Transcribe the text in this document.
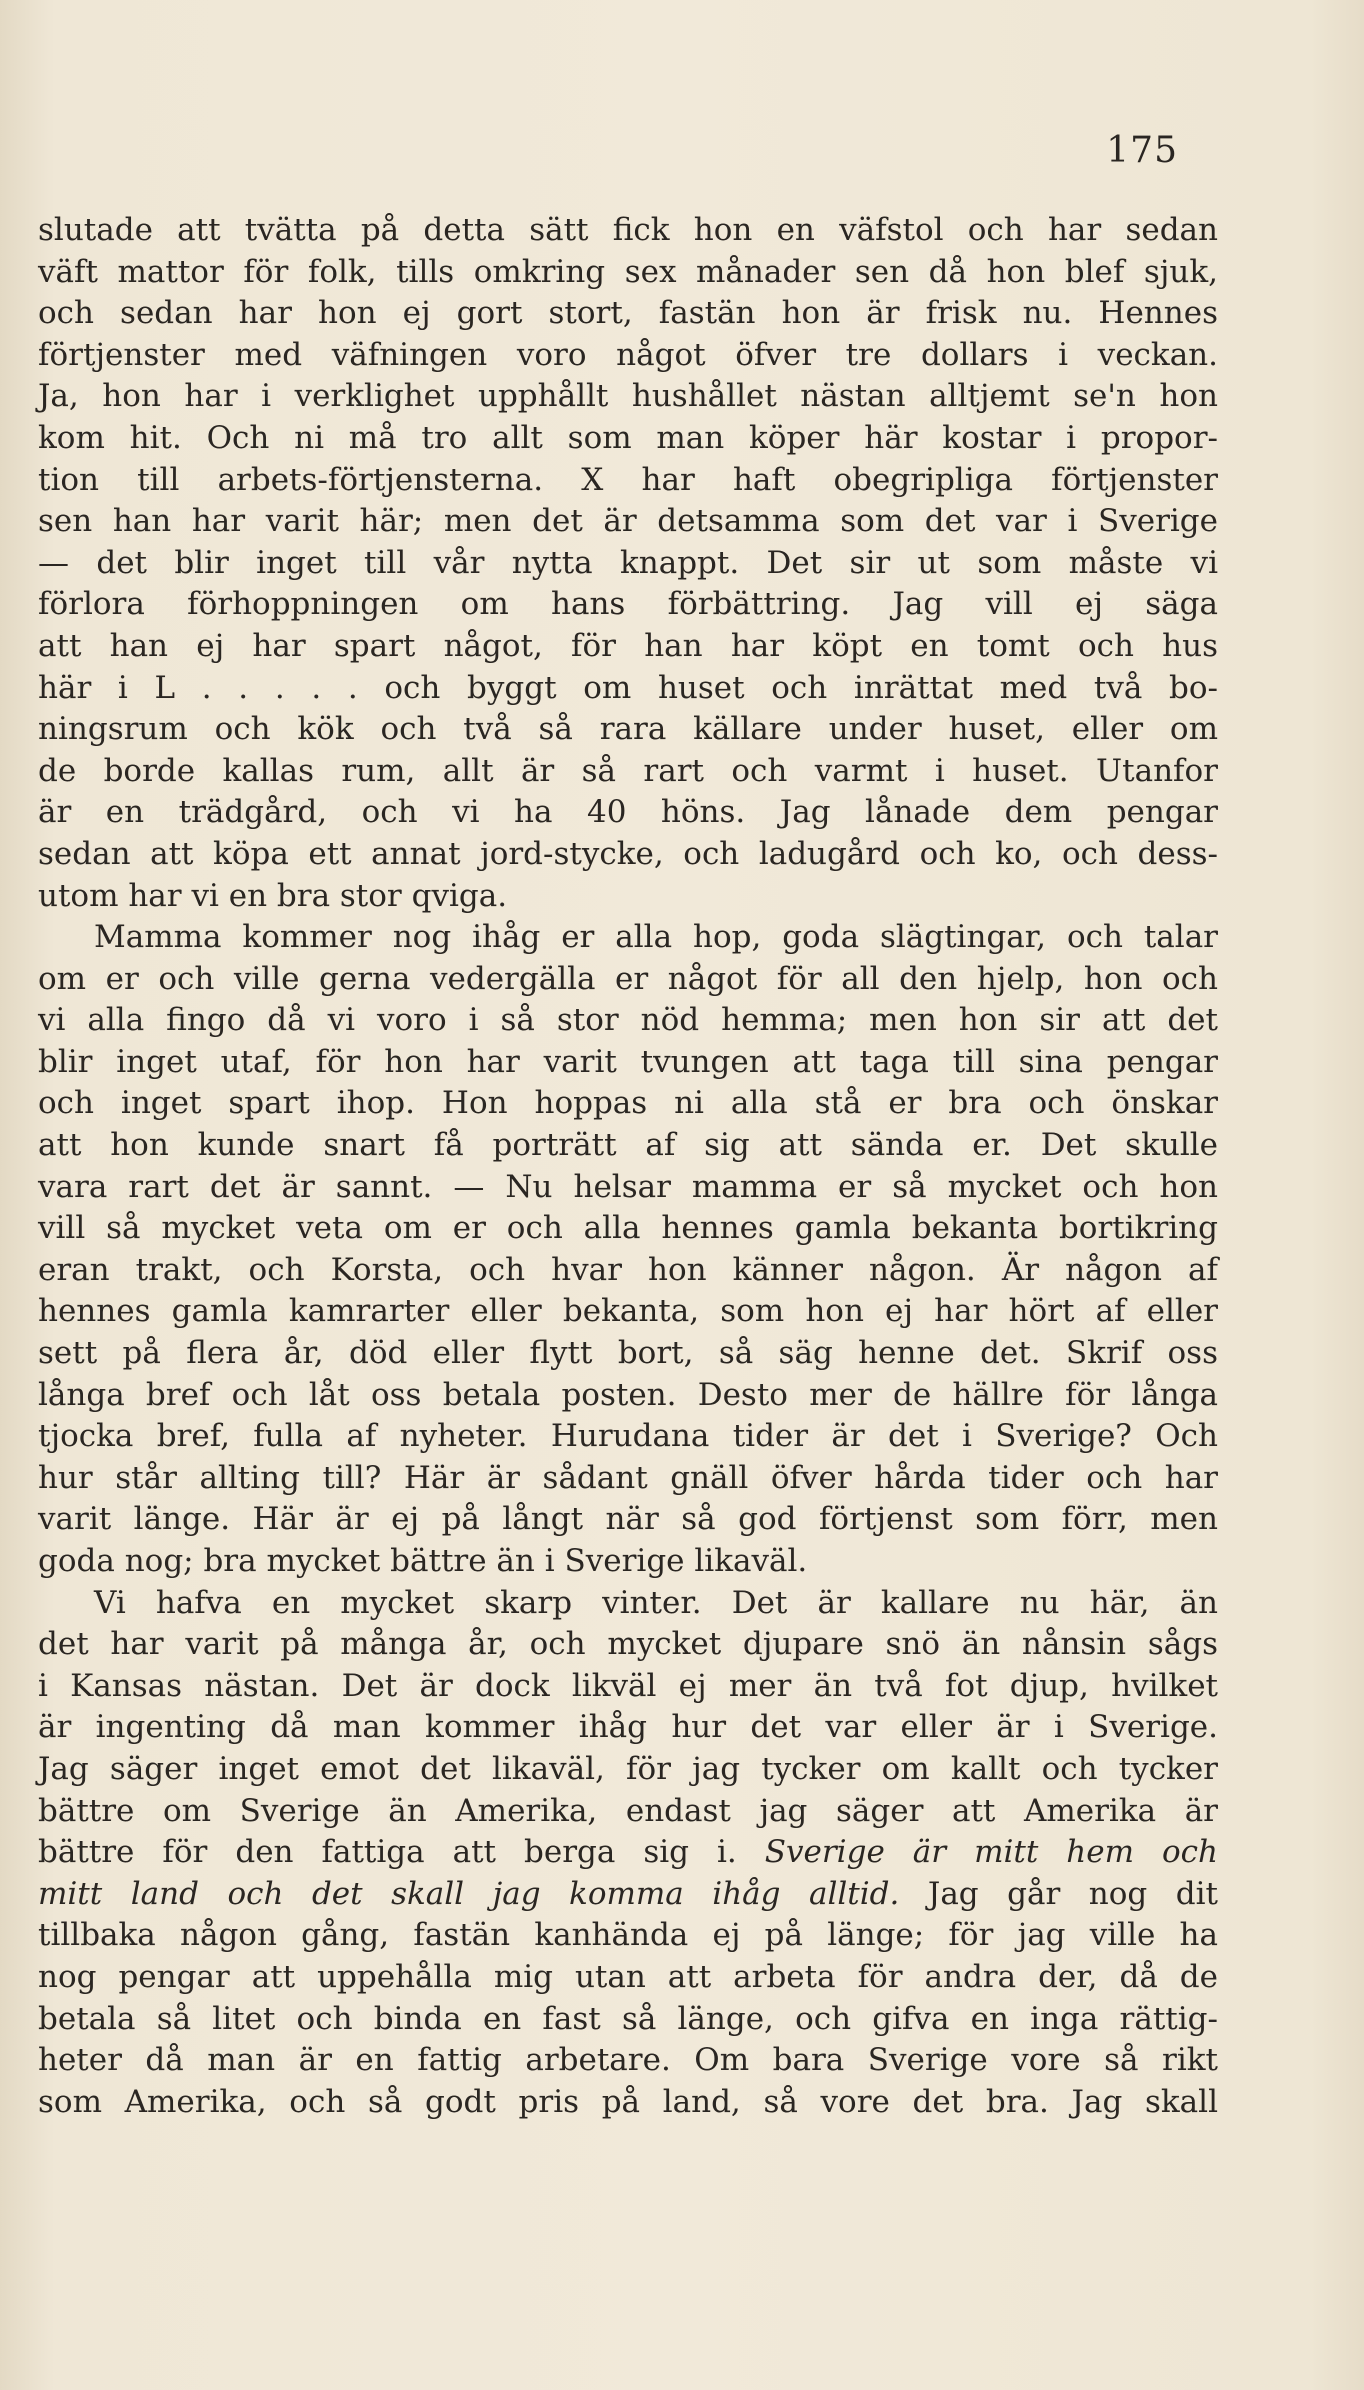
175

slutade att tvätta på detta sätt fick hon en väfstol och har sedan
väft mattor för folk, tills omkring sex månader sen då hon blef sjuk,
och sedan har hon ej gort stort, fastän hon är frisk nu. Hennes
förtjenster med väfningen voro något öfver tre dollars i veckan.
Ja, hon har i verklighet upphållt hushållet nästan alltjemt se'n hon
kom hit. Och ni må tro allt som man köper här kostar i propor-
tion till arbets-förtjensterna. X har haft obegripliga förtjenster
sen han har varit här; men det är detsamma som det var i Sverige
— det blir inget till vår nytta knappt. Det sir ut som måste vi
förlora förhoppningen om hans förbättring. Jag vill ej säga
att han ej har spart något, för han har köpt en tomt och hus
här i L . . . . . och byggt om huset och inrättat med två bo-
ningsrum och kök och två så rara källare under huset, eller om
de borde kallas rum, allt är så rart och varmt i huset. Utanfor
är en trädgård, och vi ha 40 höns. Jag lånade dem pengar
sedan att köpa ett annat jord-stycke, och ladugård och ko, och dess-
utom har vi en bra stor qviga.
Mamma kommer nog ihåg er alla hop, goda slägtingar, och talar
om er och ville gerna vedergälla er något för all den hjelp, hon och
vi alla fingo då vi voro i så stor nöd hemma; men hon sir att det
blir inget utaf, för hon har varit tvungen att taga till sina pengar
och inget spart ihop. Hon hoppas ni alla stå er bra och önskar
att hon kunde snart få porträtt af sig att sända er. Det skulle
vara rart det är sannt. — Nu helsar mamma er så mycket och hon
vill så mycket veta om er och alla hennes gamla bekanta bortikring
eran trakt, och Korsta, och hvar hon känner någon. Är någon af
hennes gamla kamrarter eller bekanta, som hon ej har hört af eller
sett på flera år, död eller flytt bort, så säg henne det. Skrif oss
långa bref och låt oss betala posten. Desto mer de hällre för långa
tjocka bref, fulla af nyheter. Hurudana tider är det i Sverige? Och
hur står allting till? Här är sådant gnäll öfver hårda tider och har
varit länge. Här är ej på långt när så god förtjenst som förr, men
goda nog; bra mycket bättre än i Sverige likaväl.
Vi hafva en mycket skarp vinter. Det är kallare nu här, än
det har varit på många år, och mycket djupare snö än nånsin sågs
i Kansas nästan. Det är dock likväl ej mer än två fot djup, hvilket
är ingenting då man kommer ihåg hur det var eller är i Sverige.
Jag säger inget emot det likaväl, för jag tycker om kallt och tycker
bättre om Sverige än Amerika, endast jag säger att Amerika är
bättre för den fattiga att berga sig i. Sverige är mitt hem och
mitt land och det skall jag komma ihåg alltid. Jag går nog dit
tillbaka någon gång, fastän kanhända ej på länge; för jag ville ha
nog pengar att uppehålla mig utan att arbeta för andra der, då de
betala så litet och binda en fast så länge, och gifva en inga rättig-
heter då man är en fattig arbetare. Om bara Sverige vore så rikt
som Amerika, och så godt pris på land, så vore det bra. Jag skall
